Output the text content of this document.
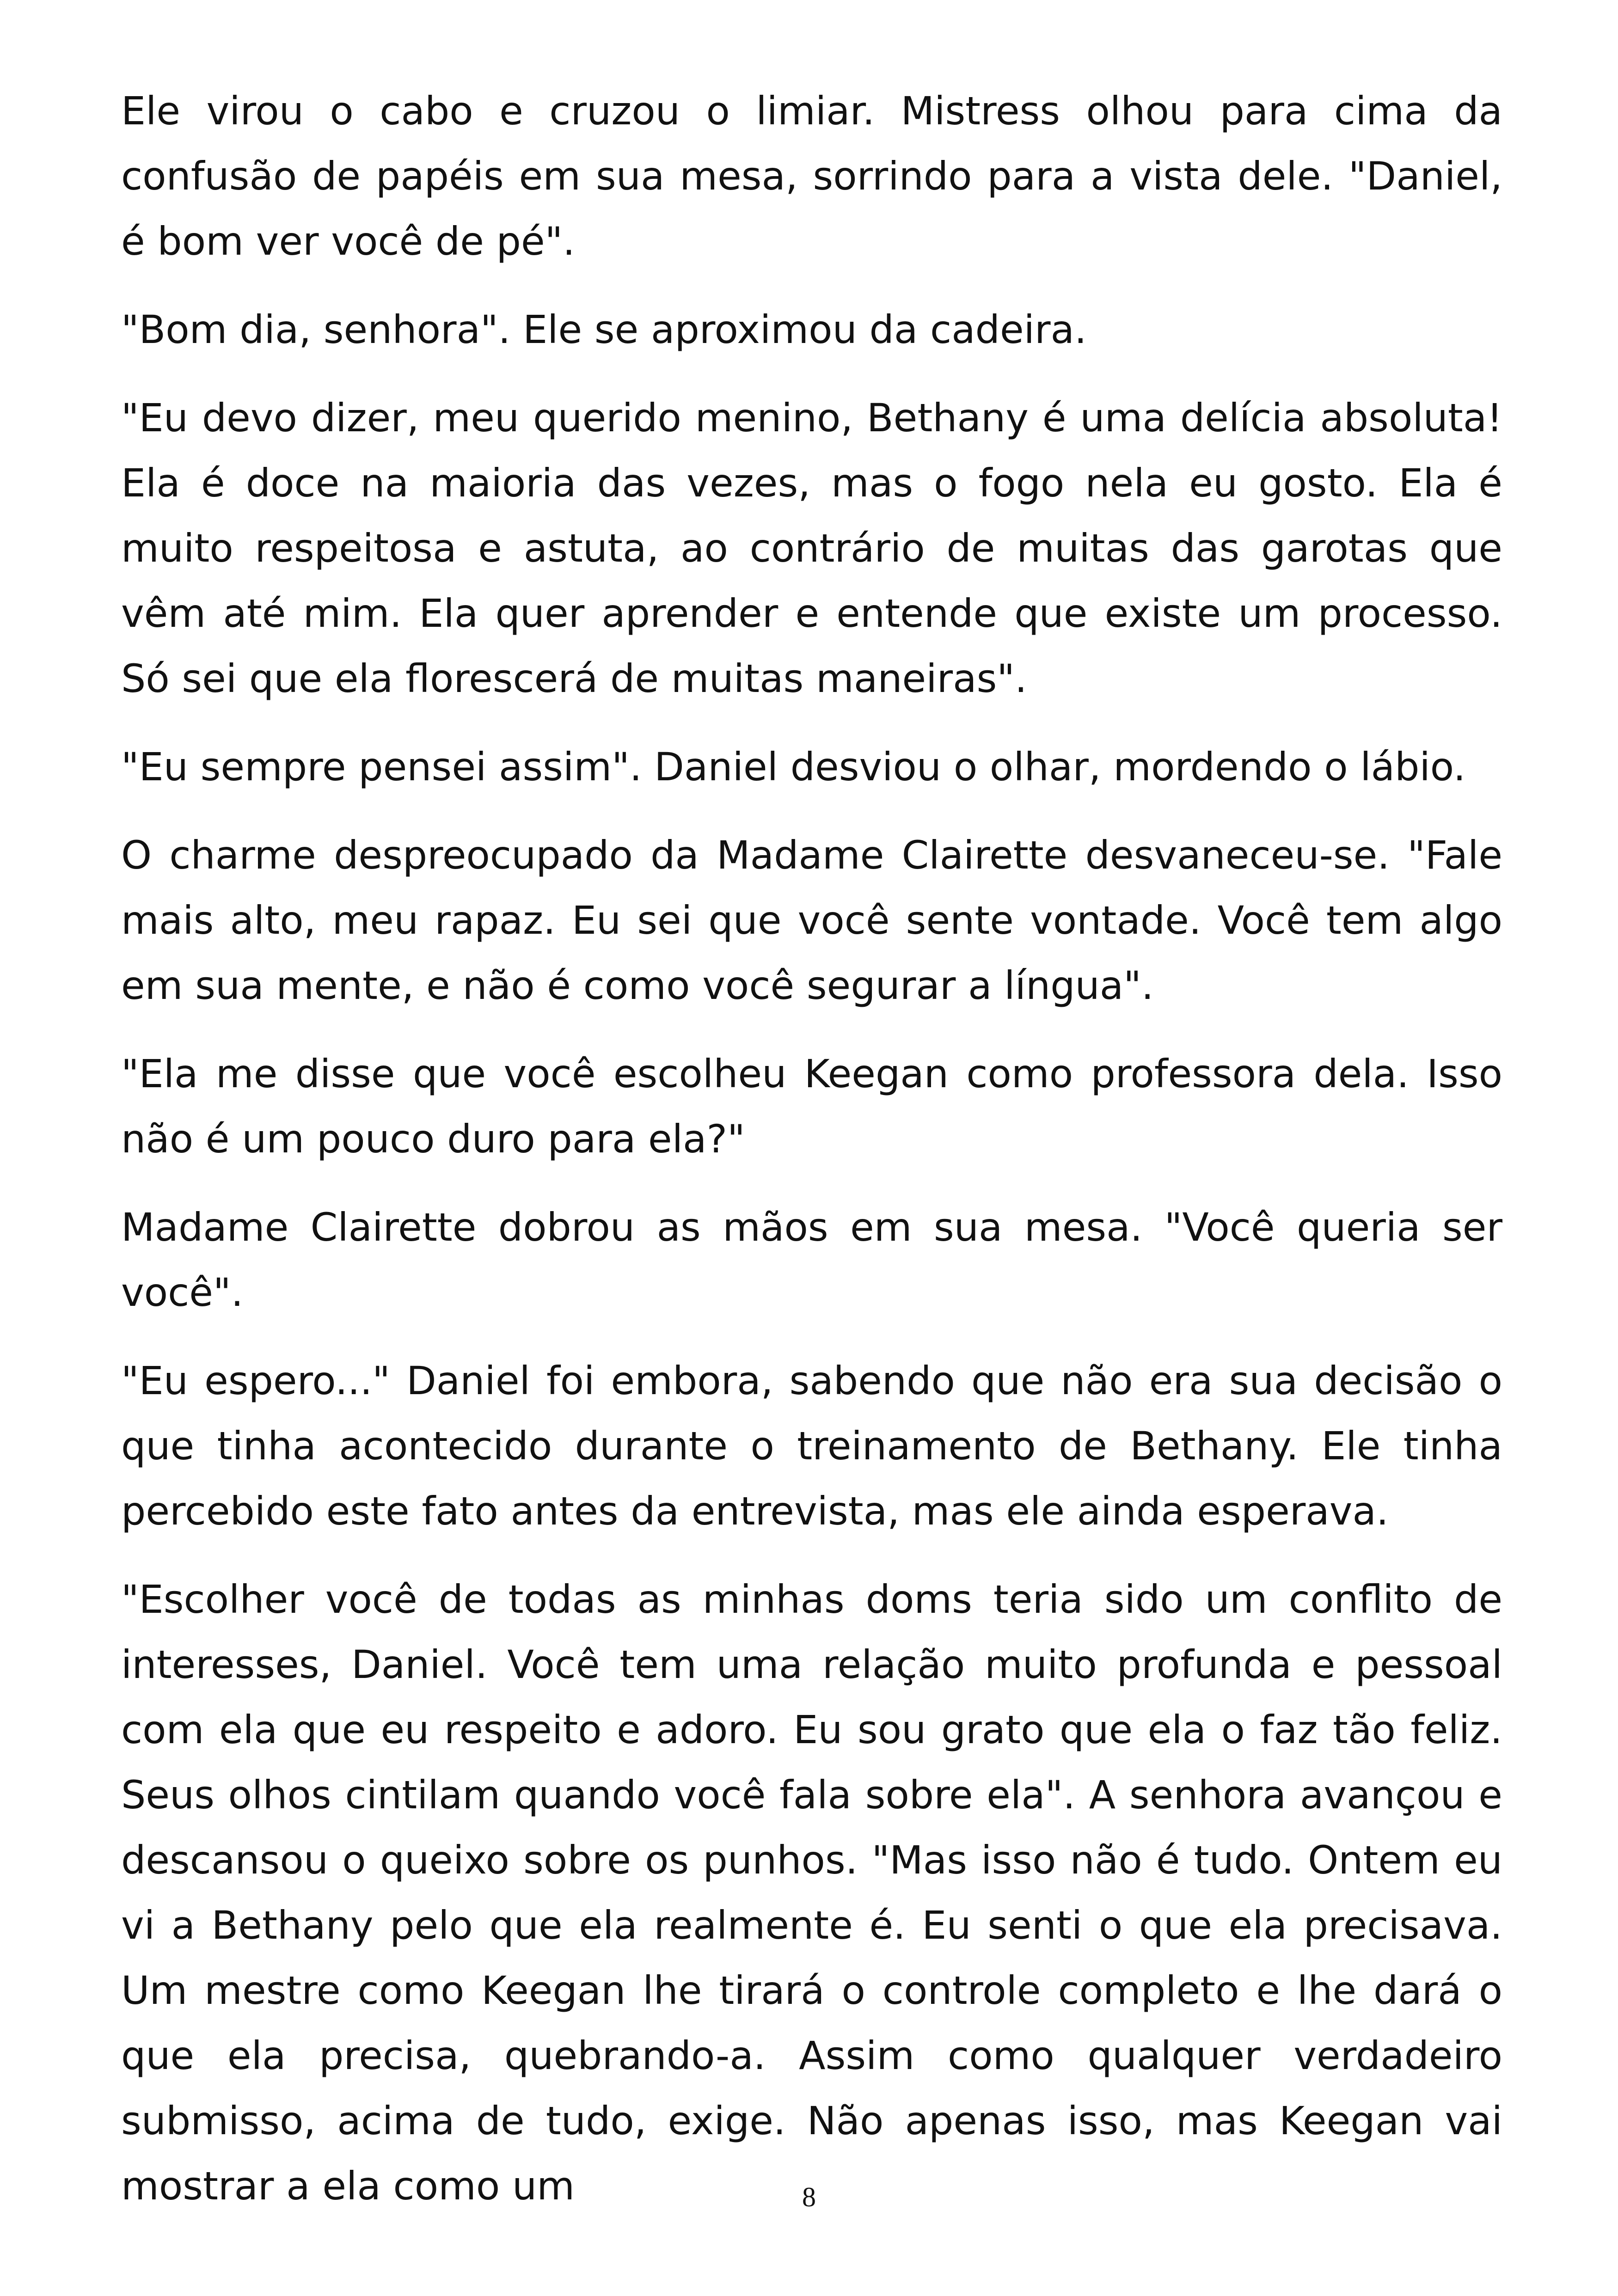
Ele virou o cabo e cruzou o limiar. Mistress olhou para cima da confusão de papéis em sua mesa, sorrindo para a vista dele. "Daniel, é bom ver você de pé".

"Bom dia, senhora". Ele se aproximou da cadeira.

"Eu devo dizer, meu querido menino, Bethany é uma delícia absoluta! Ela é doce na maioria das vezes, mas o fogo nela eu gosto. Ela é muito respeitosa e astuta, ao contrário de muitas das garotas que vêm até mim. Ela quer aprender e entende que existe um processo. Só sei que ela florescerá de muitas maneiras".

"Eu sempre pensei assim". Daniel desviou o olhar, mordendo o lábio.

O charme despreocupado da Madame Clairette desvaneceu-se. "Fale mais alto, meu rapaz. Eu sei que você sente vontade. Você tem algo em sua mente, e não é como você segurar a língua".

"Ela me disse que você escolheu Keegan como professora dela. Isso não é um pouco duro para ela?"

Madame Clairette dobrou as mãos em sua mesa. "Você queria ser você".

"Eu espero..." Daniel foi embora, sabendo que não era sua decisão o que tinha acontecido durante o treinamento de Bethany. Ele tinha percebido este fato antes da entrevista, mas ele ainda esperava.

"Escolher você de todas as minhas doms teria sido um conflito de interesses, Daniel. Você tem uma relação muito profunda e pessoal com ela que eu respeito e adoro. Eu sou grato que ela o faz tão feliz. Seus olhos cintilam quando você fala sobre ela". A senhora avançou e descansou o queixo sobre os punhos. "Mas isso não é tudo. Ontem eu vi a Bethany pelo que ela realmente é. Eu senti o que ela precisava. Um mestre como Keegan lhe tirará o controle completo e lhe dará o que ela precisa, quebrando-a. Assim como qualquer verdadeiro submisso, acima de tudo, exige. Não apenas isso, mas Keegan vai mostrar a ela como um	8
